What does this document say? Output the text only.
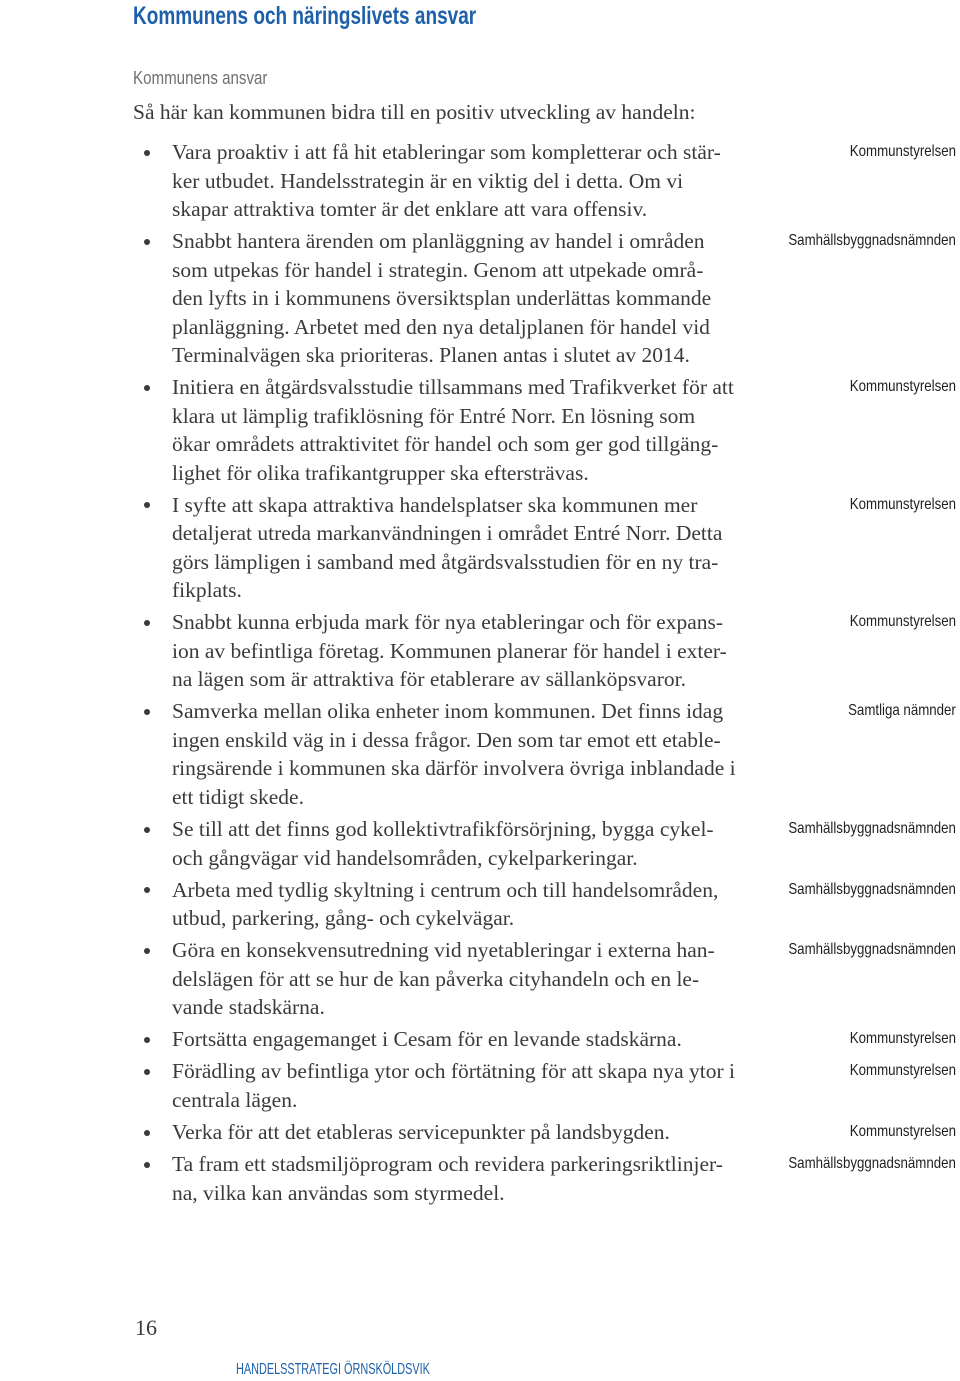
Kommunens och näringslivets ansvar
Kommunens ansvar
Så här kan kommunen bidra till en positiv utveckling av handeln:
Vara proaktiv i att få hit etableringar som kompletterar och stär-
ker utbudet. Handelsstrategin är en viktig del i detta. Om vi
skapar attraktiva tomter är det enklare att vara offensiv.
Kommunstyrelsen
Snabbt hantera ärenden om planläggning av handel i områden
som utpekas för handel i strategin. Genom att utpekade områ-
den lyfts in i kommunens översiktsplan underlättas kommande
planläggning. Arbetet med den nya detaljplanen för handel vid
Terminalvägen ska prioriteras. Planen antas i slutet av 2014.
Samhällsbyggnadsnämnden
Initiera en åtgärdsvalsstudie tillsammans med Trafikverket för att
klara ut lämplig trafiklösning för Entré Norr. En lösning som
ökar områdets attraktivitet för handel och som ger god tillgäng-
lighet för olika trafikantgrupper ska eftersträvas.
Kommunstyrelsen
I syfte att skapa attraktiva handelsplatser ska kommunen mer
detaljerat utreda markanvändningen i området Entré Norr. Detta
görs lämpligen i samband med åtgärdsvalsstudien för en ny tra-
fikplats.
Kommunstyrelsen
Snabbt kunna erbjuda mark för nya etableringar och för expans-
ion av befintliga företag. Kommunen planerar för handel i exter-
na lägen som är attraktiva för etablerare av sällanköpsvaror.
Kommunstyrelsen
Samverka mellan olika enheter inom kommunen. Det finns idag
ingen enskild väg in i dessa frågor. Den som tar emot ett etable-
ringsärende i kommunen ska därför involvera övriga inblandade i
ett tidigt skede.
Samtliga nämnder
Se till att det finns god kollektivtrafikförsörjning, bygga cykel-
och gångvägar vid handelsområden, cykelparkeringar.
Samhällsbyggnadsnämnden
Arbeta med tydlig skyltning i centrum och till handelsområden,
utbud, parkering, gång- och cykelvägar.
Samhällsbyggnadsnämnden
Göra en konsekvensutredning vid nyetableringar i externa han-
delslägen för att se hur de kan påverka cityhandeln och en le-
vande stadskärna.
Samhällsbyggnadsnämnden
Fortsätta engagemanget i Cesam för en levande stadskärna.	Kommunstyrelsen
Förädling av befintliga ytor och förtätning för att skapa nya ytor i
centrala lägen.
Kommunstyrelsen
Verka för att det etableras servicepunkter på landsbygden.	Kommunstyrelsen
Ta fram ett stadsmiljöprogram och revidera parkeringsriktlinjer-
na, vilka kan användas som styrmedel.
Samhällsbyggnadsnämnden
16
HANDELSSTRATEGI ÖRNSKÖLDSVIK
